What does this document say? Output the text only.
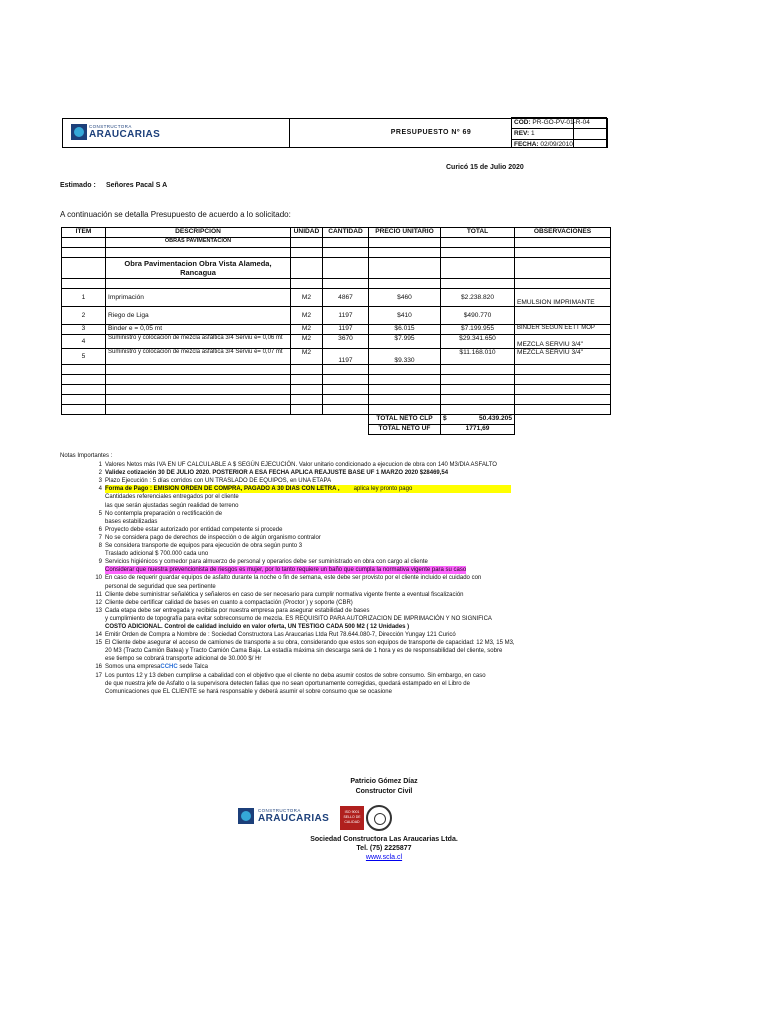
CONSTRUCTORA
ARAUCARIAS	PRESUPUESTO Nº 69
COD: PR-GO-PV-01-R-04
REV: 1
FECHA: 02/09/2010
Curicó 15 de Julio 2020
Estimado : Señores Pacal S A
A continuación se detalla Presupuesto de acuerdo a lo solicitado:
ITEM	DESCRIPCION	UNIDAD	CANTIDAD	PRECIO UNITARIO	TOTAL	OBSERVACIONES
	OBRAS PAVIMENTACION					

	Obra Pavimentacion Obra Vista Alameda,
Rancagua					

1	Imprimación	M2	4867	$460	$2.238.820	EMULSION IMPRIMANTE
2	Riego de Liga	M2	1197	$410	$490.770	
3	Binder e = 0,05 mt	M2	1197	$6.015	$7.199.955	BINDER SEGÚN EETT MOP
4	Suministro y colocación de mezcla asfáltica 3/4 Serviu e= 0,06 mt	M2	3670	$7.995	$29.341.650	MEZCLA SERVIU 3/4"
5	Suministro y colocación de mezcla asfáltica 3/4 Serviu e= 0,07 mt	M2	1197	$9.330	$11.168.010	MEZCLA SERVIU 3/4"

				TOTAL NETO CLP	$ 50.439.205	

				TOTAL NETO UF	1771,69	
Notas Importantes :
1 Valores Netos más IVA EN UF CALCULABLE A $ SEGÚN EJECUCIÓN. Valor unitario condicionado a ejecucion de obra con 140 M3/DIA ASFALTO
2 Validez cotización 30 DE JULIO 2020. POSTERIOR A ESA FECHA APLICA REAJUSTE BASE UF 1 MARZO 2020 $28469,54
3 Plazo Ejecución : 5 días corridos con UN TRASLADO DE EQUIPOS, en UNA ETAPA
4 Forma de Pago : EMISION ORDEN DE COMPRA, PAGADO A 30 DIAS CON LETRA , aplica ley pronto pago
Cantidades referenciales entregados por el cliente
las que serán ajustadas según realidad de terreno
5 No contempla preparación o rectificación de
bases estabilizadas
6 Proyecto debe estar autorizado por entidad competente si procede
7 No se considera pago de derechos de inspección o de algún organismo contralor
8 Se considera transporte de equipos para ejecución de obra según punto 3
Traslado adicional $ 700.000 cada uno
9 Servicios higiénicos y comedor para almuerzo de personal y operarios debe ser suministrado en obra con cargo al cliente
Considerar que nuestra prevencionista de riesgos es mujer, por lo tanto requiere un baño que cumpla la normativa vigente para su caso
10 En caso de requerir guardar equipos de asfalto durante la noche o fin de semana, este debe ser provisto por el cliente incluido el cuidado con
personal de seguridad que sea pertinente
11 Cliente debe suministrar señalética y señaleros en caso de ser necesario para cumplir normativa vigente frente a eventual fiscalización
12 Cliente debe certificar calidad de bases en cuanto a compactación (Proctor ) y soporte (CBR)
13 Cada etapa debe ser entregada y recibida por nuestra empresa para asegurar estabilidad de bases
y cumplimiento de topografía para evitar sobreconsumo de mezcla. ES REQUISITO PARA AUTORIZACION DE IMPRIMACIÓN Y NO SIGNIFICA
COSTO ADICIONAL. Control de calidad incluido en valor oferta, UN TESTIGO CADA 500 M2 ( 12 Unidades )
14 Emitir Orden de Compra a Nombre de : Sociedad Constructora Las Araucarias Ltda Rut 78.644.080-7, Dirección Yungay 121 Curicó
15 El Cliente debe asegurar el acceso de camiones de transporte a su obra, considerando que estos son equipos de transporte de capacidad: 12 M3, 15 M3,
20 M3 (Tracto Camión Batea) y Tracto Camión Cama Baja. La estadía máxima sin descarga será de 1 hora y es de responsabilidad del cliente, sobre
ese tiempo se cobrará transporte adicional de 30.000 $/ Hr
16 Somos una empresaCCHC sede Talca
17 Los puntos 12 y 13 deben cumplirse a cabalidad con el objetivo que el cliente no deba asumir costos de sobre consumo. Sin embargo, en caso
de que nuestra jefe de Asfalto o la supervisora detecten fallas que no sean oportunamente corregidas, quedará estampado en el Libro de
Comunicaciones que EL CLIENTE se hará responsable y deberá asumir el sobre consumo que se ocasione
Patricio Gómez Díaz
Constructor Civil
CONSTRUCTORA
ARAUCARIAS
ISO 9001
SELLO DE CALIDAD
Sociedad Constructora Las Araucarias Ltda.
Tel. (75) 2225877
www.scla.cl
